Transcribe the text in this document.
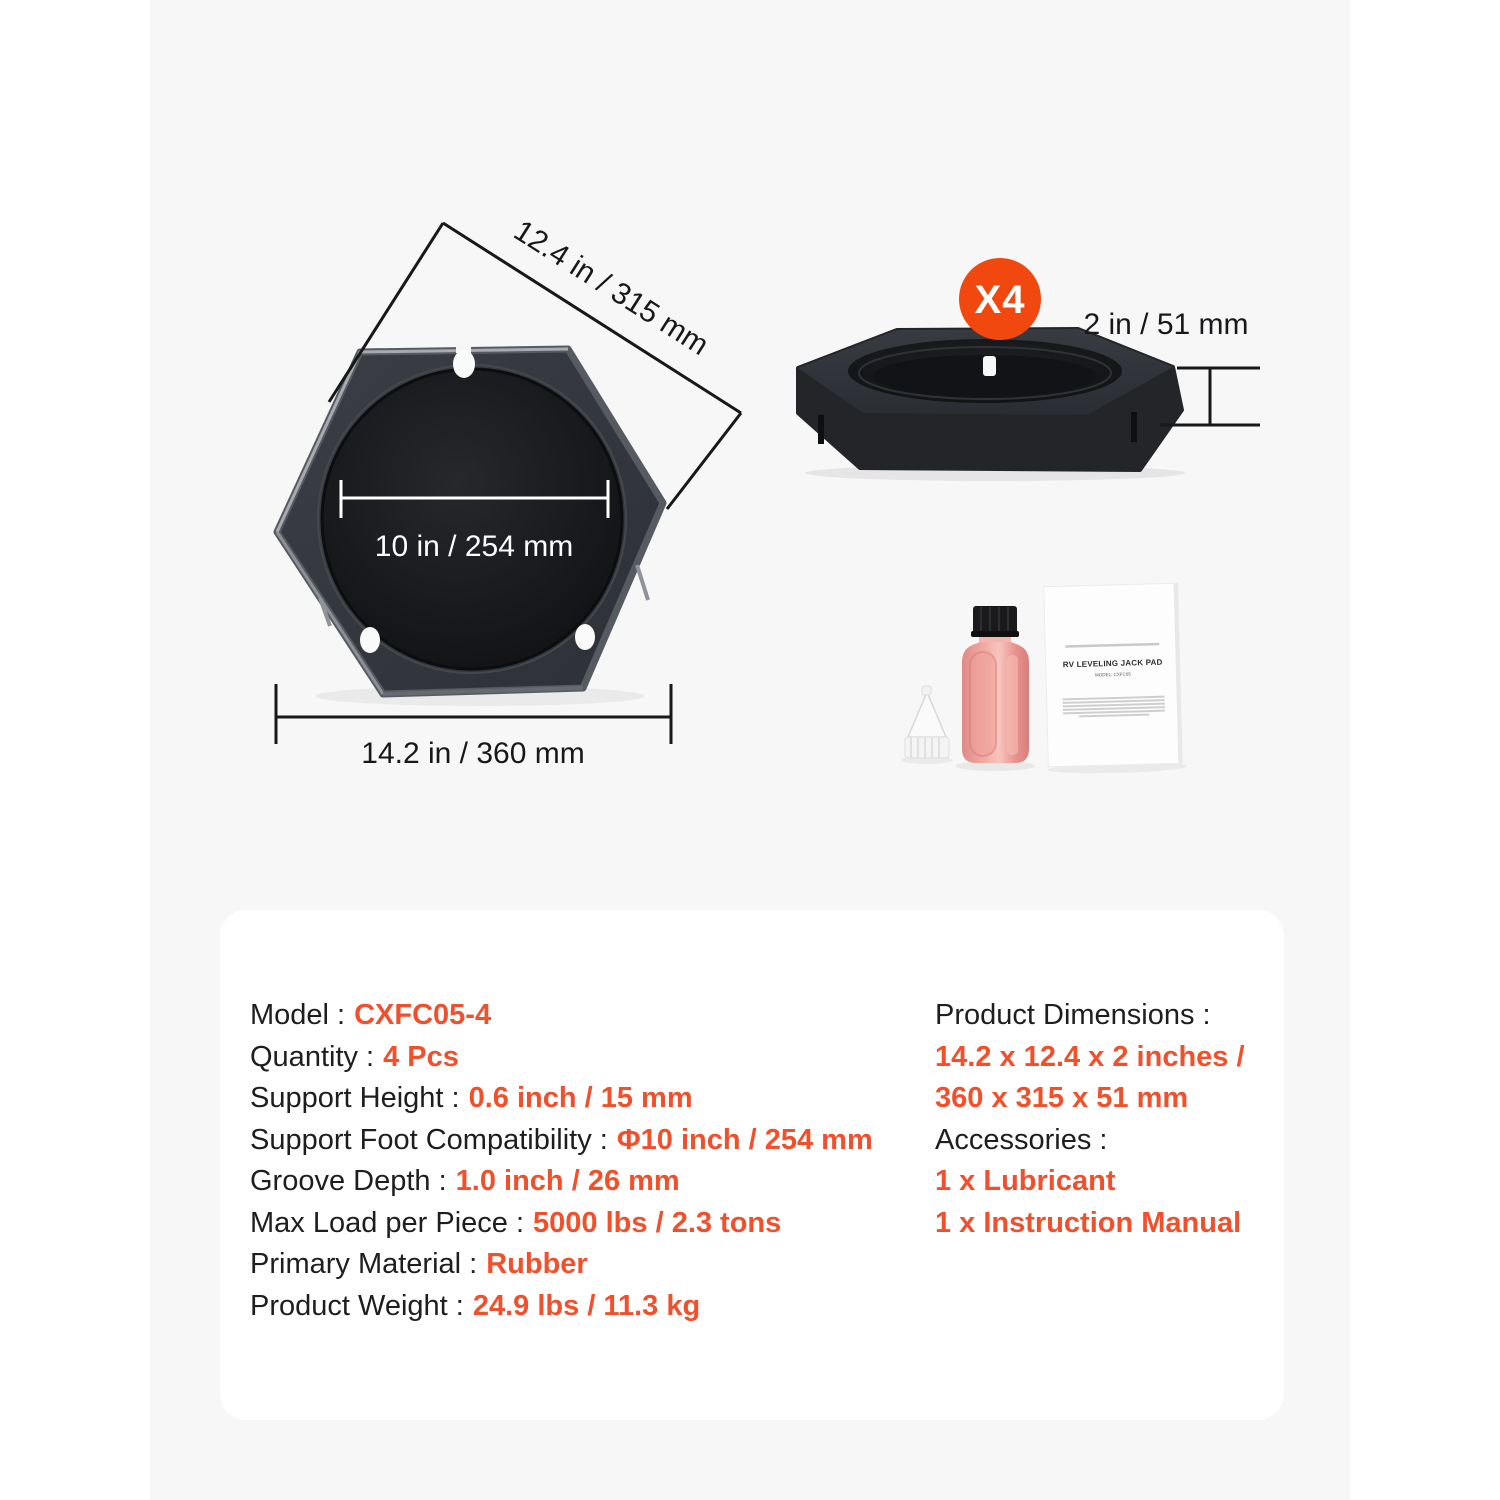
12.4 in / 315 mm
10 in / 254 mm
14.2 in / 360 mm
X4
2 in / 51 mm
RV LEVELING JACK PAD
MODEL: CXFC05
Model : CXFC05-4
Quantity : 4 Pcs
Support Height : 0.6 inch / 15 mm
Support Foot Compatibility : Φ10 inch / 254 mm
Groove Depth : 1.0 inch / 26 mm
Max Load per Piece : 5000 lbs / 2.3 tons
Primary Material : Rubber
Product Weight : 24.9 lbs / 11.3 kg
Product Dimensions :
14.2 x 12.4 x 2 inches /
360 x 315 x 51 mm
Accessories :
1 x Lubricant
1 x Instruction Manual
